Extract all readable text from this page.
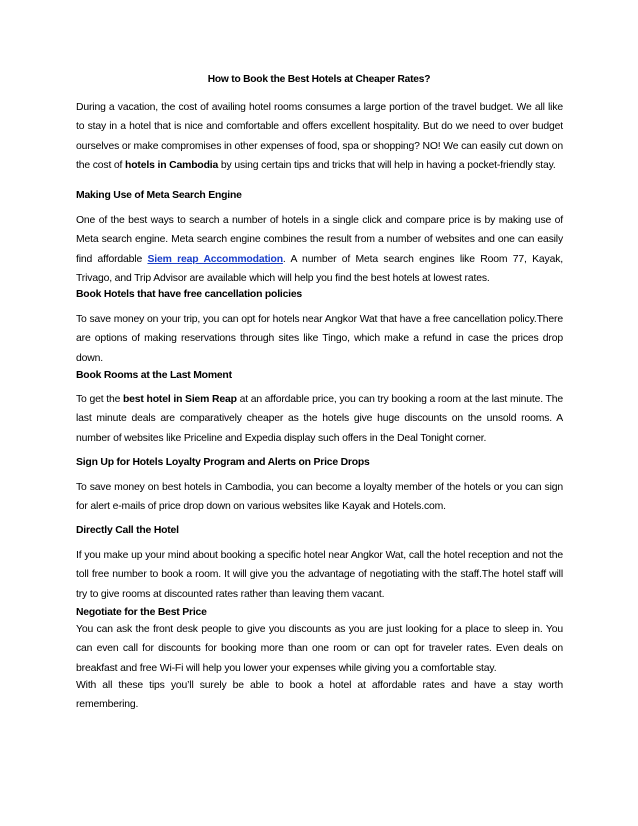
How to Book the Best Hotels at Cheaper Rates?

During a vacation, the cost of availing hotel rooms consumes a large portion of the travel budget. We all like to stay in a hotel that is nice and comfortable and offers excellent hospitality. But do we need to over budget ourselves or make compromises in other expenses of food, spa or shopping? NO! We can easily cut down on the cost of hotels in Cambodia by using certain tips and tricks that will help in having a pocket-friendly stay.

Making Use of Meta Search Engine

One of the best ways to search a number of hotels in a single click and compare price is by making use of Meta search engine. Meta search engine combines the result from a number of websites and one can easily find affordable Siem reap Accommodation. A number of Meta search engines like Room 77, Kayak, Trivago, and Trip Advisor are available which will help you find the best hotels at lowest rates.

Book Hotels that have free cancellation policies

To save money on your trip, you can opt for hotels near Angkor Wat that have a free cancellation policy.There are options of making reservations through sites like Tingo, which make a refund in case the prices drop down.

Book Rooms at the Last Moment

To get the best hotel in Siem Reap at an affordable price, you can try booking a room at the last minute. The last minute deals are comparatively cheaper as the hotels give huge discounts on the unsold rooms. A number of websites like Priceline and Expedia display such offers in the Deal Tonight corner.

Sign Up for Hotels Loyalty Program and Alerts on Price Drops

To save money on best hotels in Cambodia, you can become a loyalty member of the hotels or you can sign for alert e-mails of price drop down on various websites like Kayak and Hotels.com.

Directly Call the Hotel

If you make up your mind about booking a specific hotel near Angkor Wat, call the hotel reception and not the toll free number to book a room. It will give you the advantage of negotiating with the staff.The hotel staff will try to give rooms at discounted rates rather than leaving them vacant.

Negotiate for the Best Price

You can ask the front desk people to give you discounts as you are just looking for a place to sleep in. You can even call for discounts for booking more than one room or can opt for traveler rates. Even deals on breakfast and free Wi-Fi will help you lower your expenses while giving you a comfortable stay.

With all these tips you’ll surely be able to book a hotel at affordable rates and have a stay worth remembering.
